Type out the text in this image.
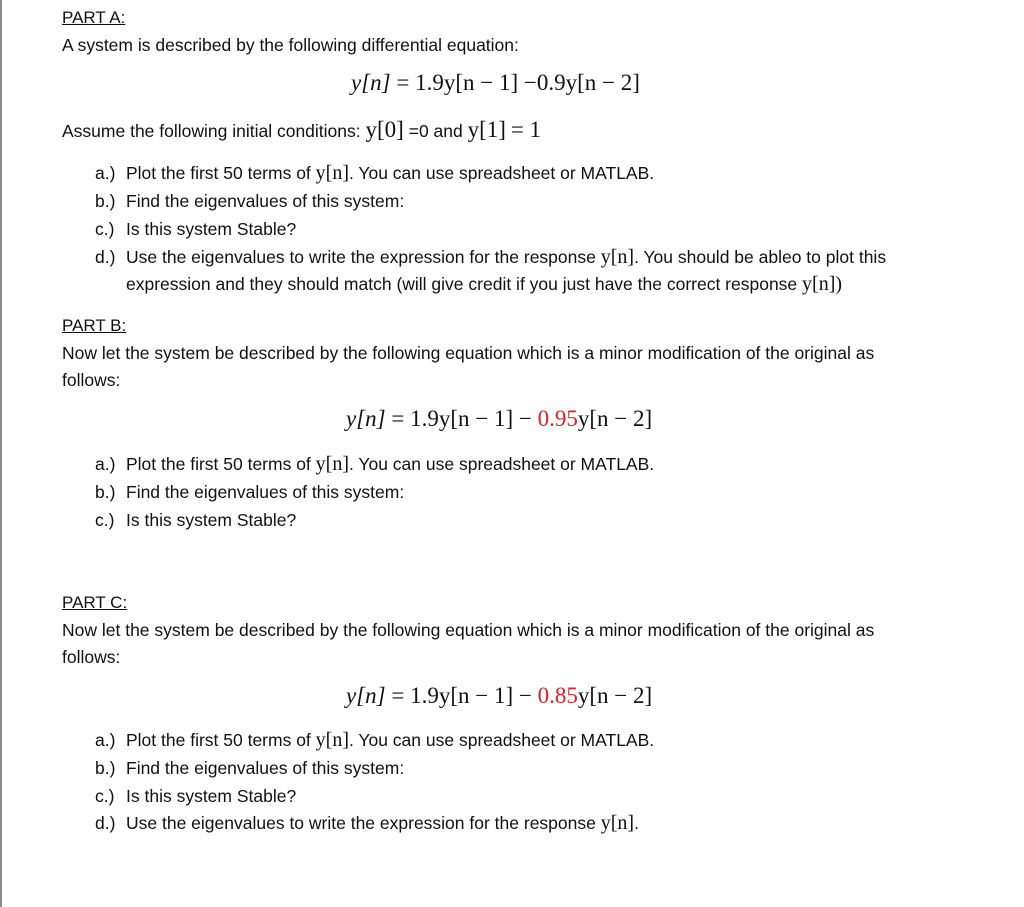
PART A:
A system is described by the following differential equation:
y[n] = 1.9y[n − 1] −0.9y[n − 2]
Assume the following initial conditions: y[0] =0 and y[1] = 1
a.) Plot the first 50 terms of y[n]. You can use spreadsheet or MATLAB.
b.) Find the eigenvalues of this system:
c.) Is this system Stable?
d.) Use the eigenvalues to write the expression for the response y[n]. You should be ableo to plot this
expression and they should match (will give credit if you just have the correct response y[n])
PART B:
Now let the system be described by the following equation which is a minor modification of the original as
follows:
y[n] = 1.9y[n − 1] − 0.95y[n − 2]
a.) Plot the first 50 terms of y[n]. You can use spreadsheet or MATLAB.
b.) Find the eigenvalues of this system:
c.) Is this system Stable?
PART C:
Now let the system be described by the following equation which is a minor modification of the original as
follows:
y[n] = 1.9y[n − 1] − 0.85y[n − 2]
a.) Plot the first 50 terms of y[n]. You can use spreadsheet or MATLAB.
b.) Find the eigenvalues of this system:
c.) Is this system Stable?
d.) Use the eigenvalues to write the expression for the response y[n].
